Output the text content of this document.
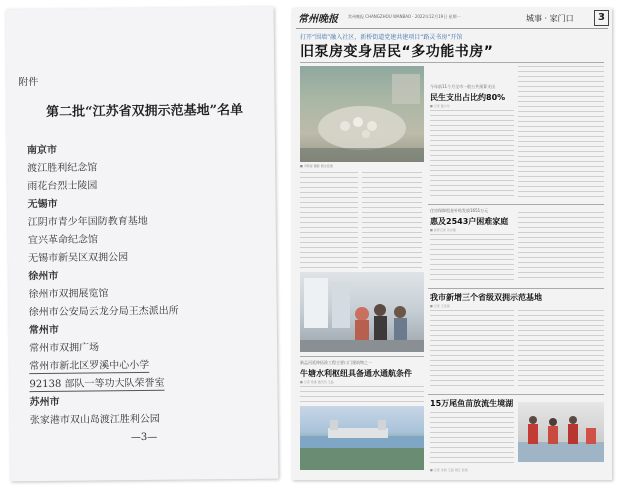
附件
第二批“江苏省双拥示范基地”名单
南京市
渡江胜利纪念馆
雨花台烈士陵园
无锡市
江阴市青少年国防教育基地
宜兴革命纪念馆
无锡市新吴区双拥公园
徐州市
徐州市双拥展览馆
徐州市公安局云龙分局王杰派出所
常州市
常州市双拥广场
常州市新北区罗溪中心小学
92138 部队一等功大队荣誉室
苏州市
张家港市双山岛渡江胜利公园
—3—
常州晚报	常州晚报 CHANGZHOU WANBAO · 2022年12月19日 星期一	城事 · 家门口	3
打开“围墙”融入社区，新桥街道党建共建项目“路灵书房”开馆
旧泵房变身居民“多功能书房”
■ 尹新星 摄影 图文报道
今年前11个月全市一般公共预算支出
民生支出占比约80%
■ 记者 董小玲
住房保障租金补贴发放1651万元
惠及2543户困难家庭
■ 首席记者 冯志刚
我市新增三个省级双拥示范基地
■ 记者 王佳丽
新孟河延伸拓浚工程主要口门建筑物之一
牛塘水利枢纽具备通水通航条件
■ 记者 徐蕾 通讯员 王晶
15万尾鱼苗放流生境湖
■ 记者 朱新 王超 周红 报道
